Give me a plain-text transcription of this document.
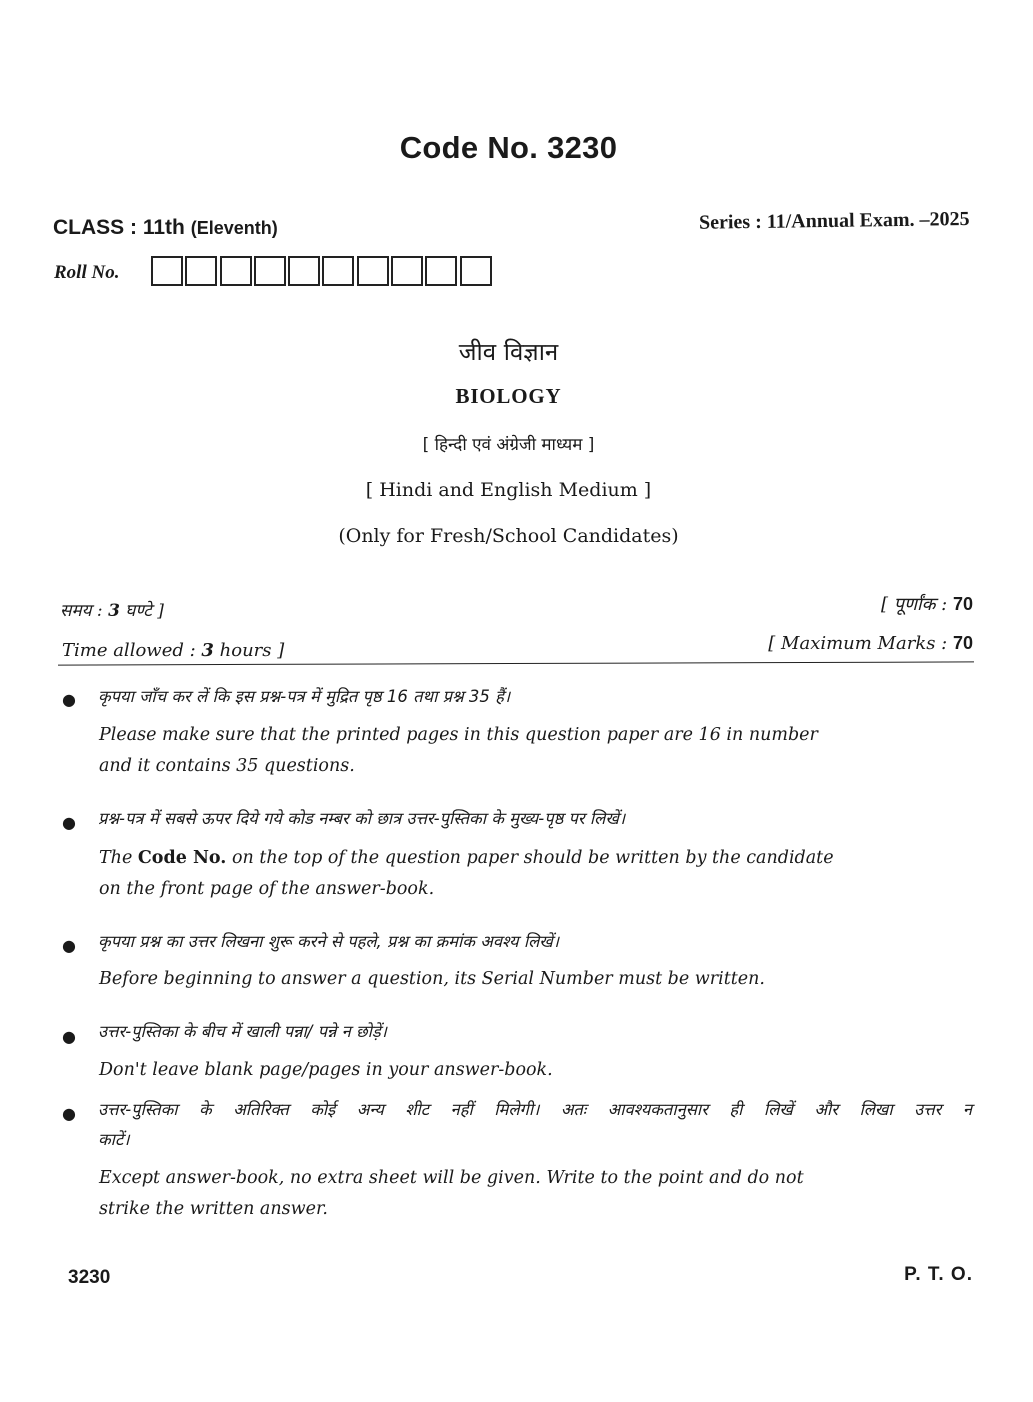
Code No. 3230
CLASS : 11th (Eleventh)	Series : 11/Annual Exam. –2025
Roll No.
जीव विज्ञान
BIOLOGY
[ हिन्दी एवं अंग्रेजी माध्यम ]
[ Hindi and English Medium ]
(Only for Fresh/School Candidates)
समय : 3 घण्टे ]	[ पूर्णांक : 70
Time allowed : 3 hours ]	[ Maximum Marks : 70
● कृपया जाँच कर लें कि इस प्रश्न-पत्र में मुद्रित पृष्ठ 16 तथा प्रश्न 35 हैं।
Please make sure that the printed pages in this question paper are 16 in number
and it contains 35 questions.
● प्रश्न-पत्र में सबसे ऊपर दिये गये कोड नम्बर को छात्र उत्तर-पुस्तिका के मुख्य-पृष्ठ पर लिखें।
The Code No. on the top of the question paper should be written by the candidate
on the front page of the answer-book.
● कृपया प्रश्न का उत्तर लिखना शुरू करने से पहले, प्रश्न का क्रमांक अवश्य लिखें।
Before beginning to answer a question, its Serial Number must be written.
● उत्तर-पुस्तिका के बीच में खाली पन्ना/ पन्ने न छोड़ें।
Don't leave blank page/pages in your answer-book.
● उत्तर-पुस्तिका के अतिरिक्त कोई अन्य शीट नहीं मिलेगी। अतः आवश्यकतानुसार ही लिखें और लिखा उत्तर न
काटें।
Except answer-book, no extra sheet will be given. Write to the point and do not
strike the written answer.
3230	P. T. O.
